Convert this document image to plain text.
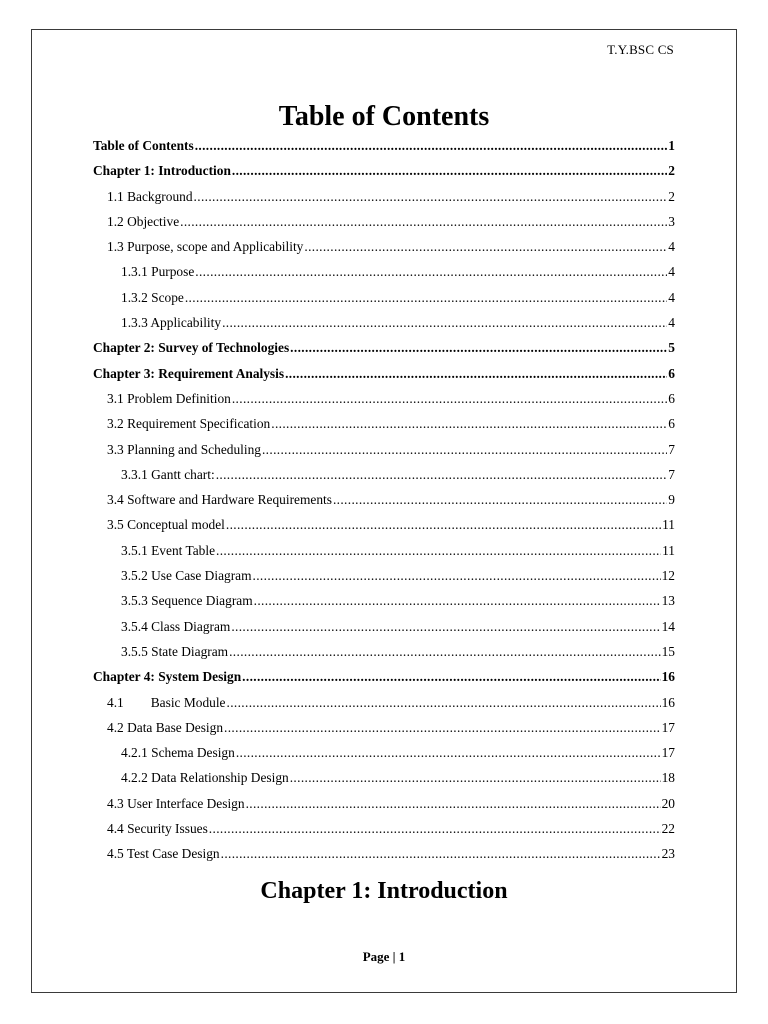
T.Y.BSC CS
Table of Contents
Table of Contents .....	1
Chapter 1: Introduction .....	2
1.1 Background .....	2
1.2 Objective .....	3
1.3 Purpose, scope and Applicability .....	4
1.3.1 Purpose .....	4
1.3.2 Scope .....	4
1.3.3 Applicability .....	4
Chapter 2: Survey of Technologies .....	5
Chapter 3: Requirement Analysis .....	6
3.1 Problem Definition .....	6
3.2 Requirement Specification .....	6
3.3 Planning and Scheduling .....	7
3.3.1 Gantt chart: .....	7
3.4 Software and Hardware Requirements .....	9
3.5 Conceptual model .....	11
3.5.1 Event Table .....	11
3.5.2 Use Case Diagram .....	12
3.5.3 Sequence Diagram .....	13
3.5.4 Class Diagram .....	14
3.5.5 State Diagram .....	15
Chapter 4: System Design .....	16
4.1 Basic Module .....	16
4.2 Data Base Design .....	17
4.2.1 Schema Design .....	17
4.2.2 Data Relationship Design .....	18
4.3 User Interface Design .....	20
4.4 Security Issues .....	22
4.5 Test Case Design .....	23
Chapter 1: Introduction
Page | 1
